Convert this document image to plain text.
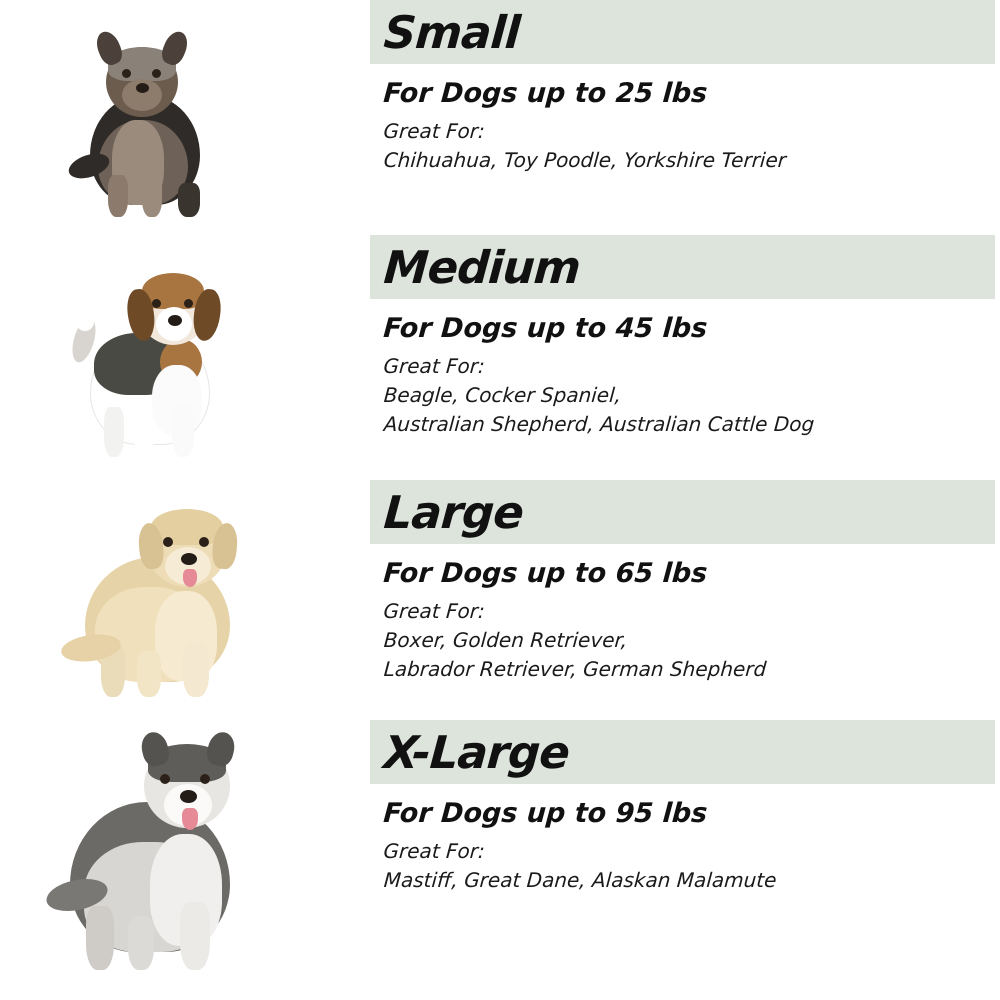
Small
For Dogs up to 25 lbs
Great For:
Chihuahua, Toy Poodle, Yorkshire Terrier
Medium
For Dogs up to 45 lbs
Great For:
Beagle, Cocker Spaniel,
Australian Shepherd, Australian Cattle Dog
Large
For Dogs up to 65 lbs
Great For:
Boxer, Golden Retriever,
Labrador Retriever, German Shepherd
X-Large
For Dogs up to 95 lbs
Great For:
Mastiff, Great Dane, Alaskan Malamute
